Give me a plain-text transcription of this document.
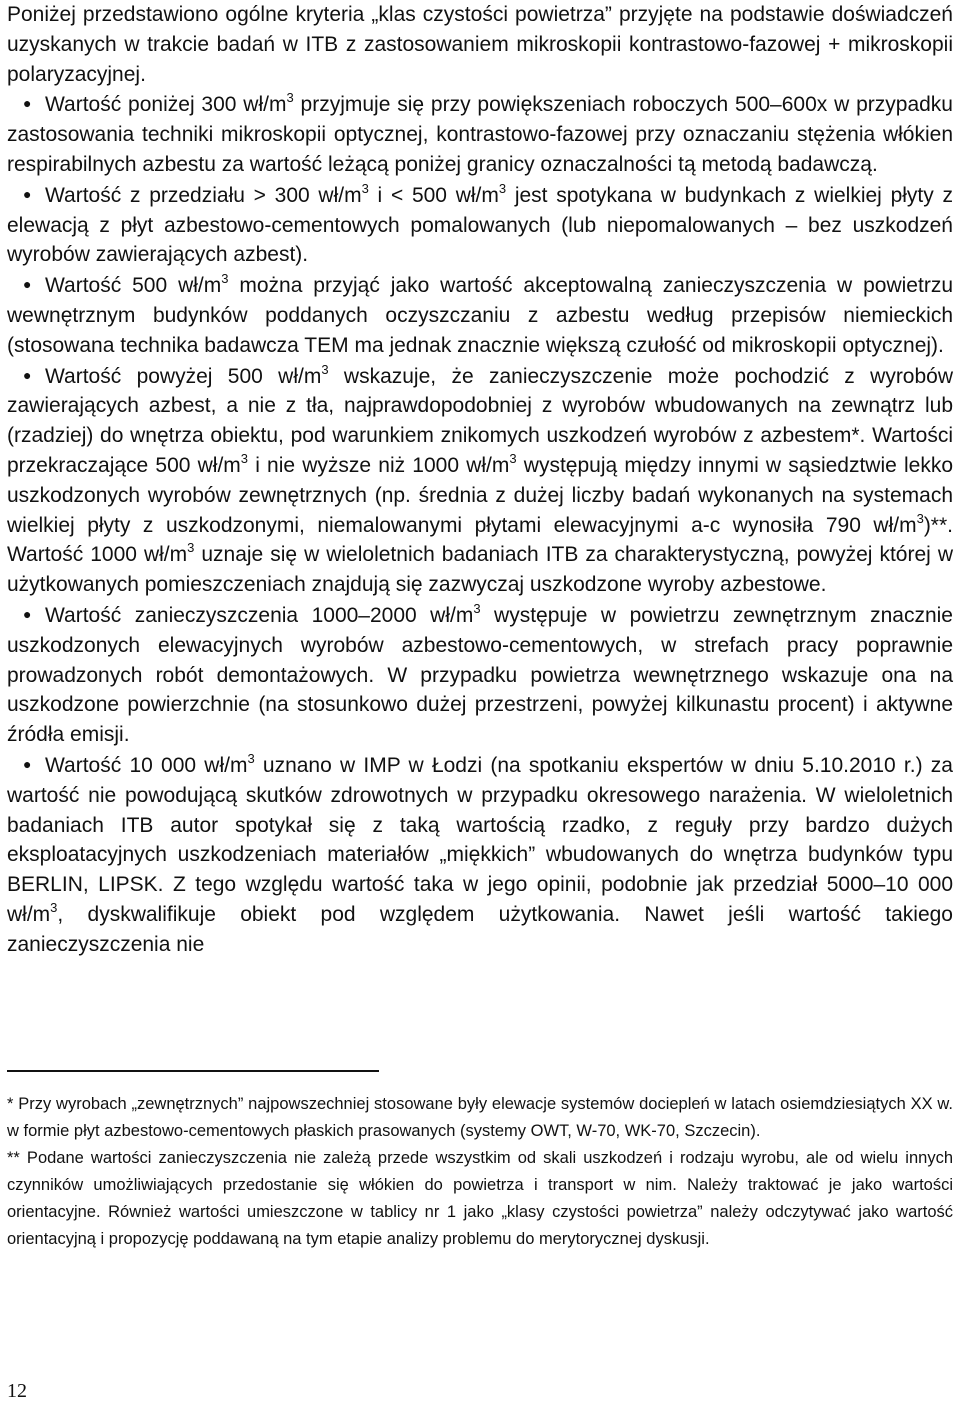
Poniżej przedstawiono ogólne kryteria „klas czystości powietrza” przyjęte na podstawie doświadczeń uzyskanych w trakcie badań w ITB z zastosowaniem mikroskopii kontrastowo-fazowej + mikroskopii polaryzacyjnej.

● Wartość poniżej 300 $wł/m^3$ przyjmuje się przy powiększeniach roboczych 500–600x w przypadku zastosowania techniki mikroskopii optycznej, kontrastowo-fazowej przy oznaczaniu stężenia włókien respirabilnych azbestu za wartość leżącą poniżej granicy oznaczalności tą metodą badawczą.

● Wartość z przedziału > 300 $wł/m^3$ i < 500 $wł/m^3$ jest spotykana w budynkach z wielkiej płyty z elewacją z płyt azbestowo-cementowych pomalowanych (lub niepomalowanych – bez uszkodzeń wyrobów zawierających azbest).

● Wartość 500 $wł/m^3$ można przyjąć jako wartość akceptowalną zanieczyszczenia w powietrzu wewnętrznym budynków poddanych oczyszczaniu z azbestu według przepisów niemieckich (stosowana technika badawcza TEM ma jednak znacznie większą czułość od mikroskopii optycznej).

● Wartość powyżej 500 $wł/m^3$ wskazuje, że zanieczyszczenie może pochodzić z wyrobów zawierających azbest, a nie z tła, najprawdopodobniej z wyrobów wbudowanych na zewnątrz lub (rzadziej) do wnętrza obiektu, pod warunkiem znikomych uszkodzeń wyrobów z azbestem*. Wartości przekraczające 500 $wł/m^3$ i nie wyższe niż 1000 $wł/m^3$ występują między innymi w sąsiedztwie lekko uszkodzonych wyrobów zewnętrznych (np. średnia z dużej liczby badań wykonanych na systemach wielkiej płyty z uszkodzonymi, niemalowanymi płytami elewacyjnymi a-c wynosiła 790 $wł/m^3)**$. Wartość 1000 $wł/m^3$ uznaje się w wieloletnich badaniach ITB za charakterystyczną, powyżej której w użytkowanych pomieszczeniach znajdują się zazwyczaj uszkodzone wyroby azbestowe.

● Wartość zanieczyszczenia 1000–2000 $wł/m^3$ występuje w powietrzu zewnętrznym znacznie uszkodzonych elewacyjnych wyrobów azbestowo-cementowych, w strefach pracy poprawnie prowadzonych robót demontażowych. W przypadku powietrza wewnętrznego wskazuje ona na uszkodzone powierzchnie (na stosunkowo dużej przestrzeni, powyżej kilkunastu procent) i aktywne źródła emisji.

● Wartość 10 000 $wł/m^3$ uznano w IMP w Łodzi (na spotkaniu ekspertów w dniu 5.10.2010 r.) za wartość nie powodującą skutków zdrowotnych w przypadku okresowego narażenia. W wieloletnich badaniach ITB autor spotykał się z taką wartością rzadko, z reguły przy bardzo dużych eksploatacyjnych uszkodzeniach materiałów „miękkich” wbudowanych do wnętrza budynków typu BERLIN, LIPSK. Z tego względu wartość taka w jego opinii, podobnie jak przedział 5000–10 000 $wł/m^3$, dyskwalifikuje obiekt pod względem użytkowania. Nawet jeśli wartość takiego zanieczyszczenia nie

* Przy wyrobach „zewnętrznych” najpowszechniej stosowane były elewacje systemów dociepleń w latach osiemdziesiątych XX w. w formie płyt azbestowo-cementowych płaskich prasowanych (systemy OWT, W-70, WK-70, Szczecin).

** Podane wartości zanieczyszczenia nie zależą przede wszystkim od skali uszkodzeń i rodzaju wyrobu, ale od wielu innych czynników umożliwiających przedostanie się włókien do powietrza i transport w nim. Należy traktować je jako wartości orientacyjne. Również wartości umieszczone w tablicy nr 1 jako „klasy czystości powietrza” należy odczytywać jako wartość orientacyjną i propozycję poddawaną na tym etapie analizy problemu do merytorycznej dyskusji.

12
